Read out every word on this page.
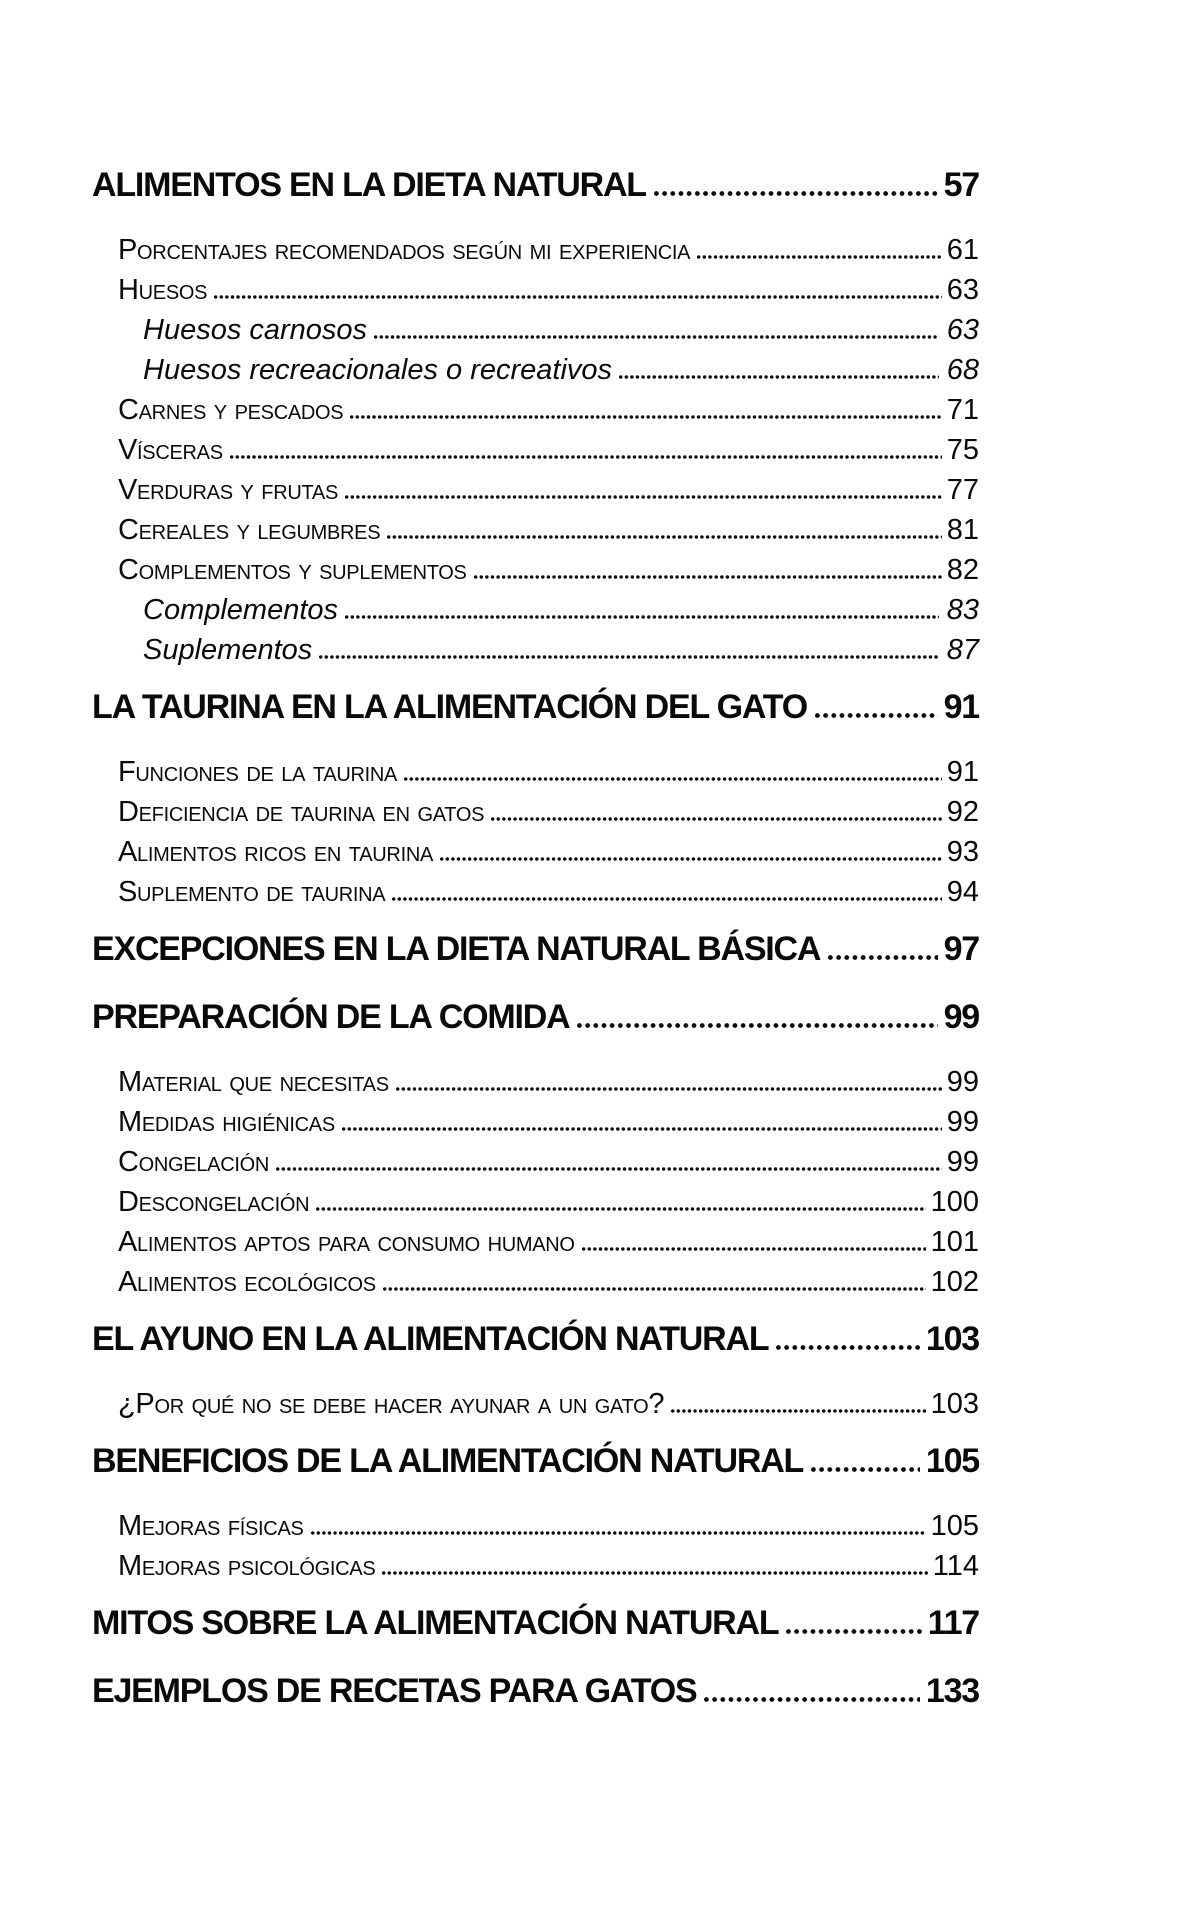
ALIMENTOS EN LA DIETA NATURAL	57
Porcentajes recomendados según mi experiencia	61
Huesos	63
Huesos carnosos	63
Huesos recreacionales o recreativos	68
Carnes y pescados	71
Vísceras	75
Verduras y frutas	77
Cereales y legumbres	81
Complementos y suplementos	82
Complementos	83
Suplementos	87
LA TAURINA EN LA ALIMENTACIÓN DEL GATO	91
Funciones de la taurina	91
Deficiencia de taurina en gatos	92
Alimentos ricos en taurina	93
Suplemento de taurina	94
EXCEPCIONES EN LA DIETA NATURAL BÁSICA	97
PREPARACIÓN DE LA COMIDA	99
Material que necesitas	99
Medidas higiénicas	99
Congelación	99
Descongelación	100
Alimentos aptos para consumo humano	101
Alimentos ecológicos	102
EL AYUNO EN LA ALIMENTACIÓN NATURAL	103
¿Por qué no se debe hacer ayunar a un gato?	103
BENEFICIOS DE LA ALIMENTACIÓN NATURAL	105
Mejoras físicas	105
Mejoras psicológicas	114
MITOS SOBRE LA ALIMENTACIÓN NATURAL	117
EJEMPLOS DE RECETAS PARA GATOS	133
